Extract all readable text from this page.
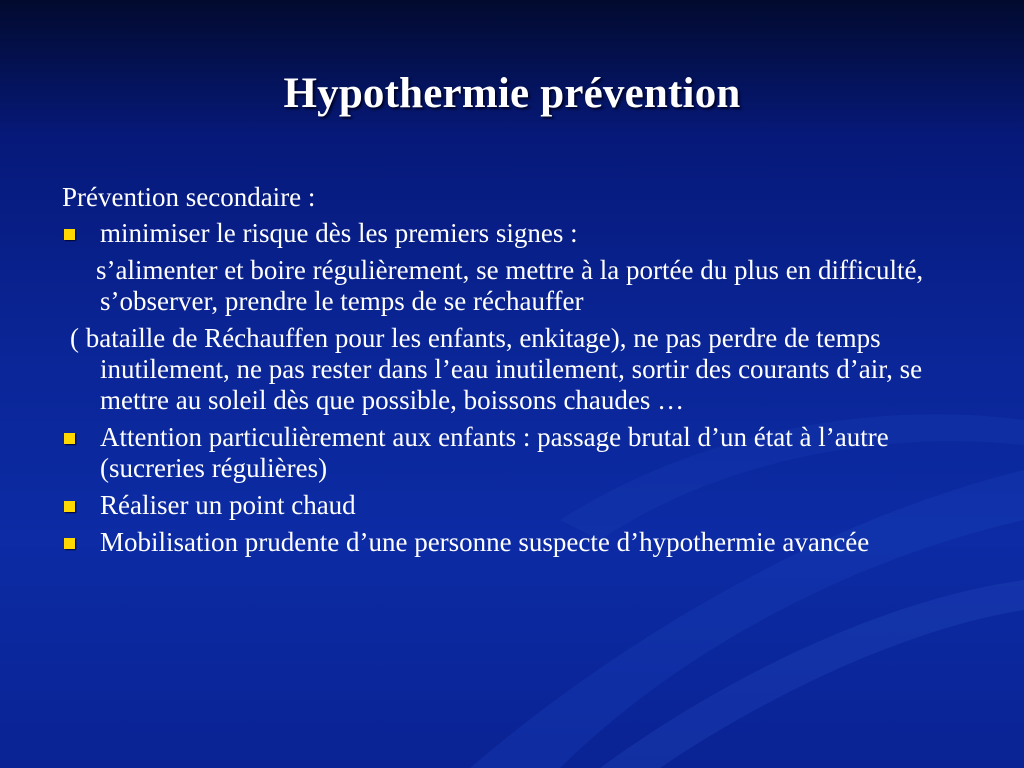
Hypothermie prévention
Prévention secondaire :
minimiser le risque dès les premiers signes :
s’alimenter et boire régulièrement, se mettre à la portée du plus en difficulté, s’observer, prendre le temps de se réchauffer
( bataille de Réchauffen pour les enfants, enkitage), ne pas perdre de temps inutilement, ne pas rester dans l’eau inutilement, sortir des courants d’air, se mettre au soleil dès que possible, boissons chaudes …
Attention particulièrement aux enfants : passage brutal d’un état à l’autre (sucreries régulières)
Réaliser un point chaud
Mobilisation prudente d’une personne suspecte d’hypothermie avancée
